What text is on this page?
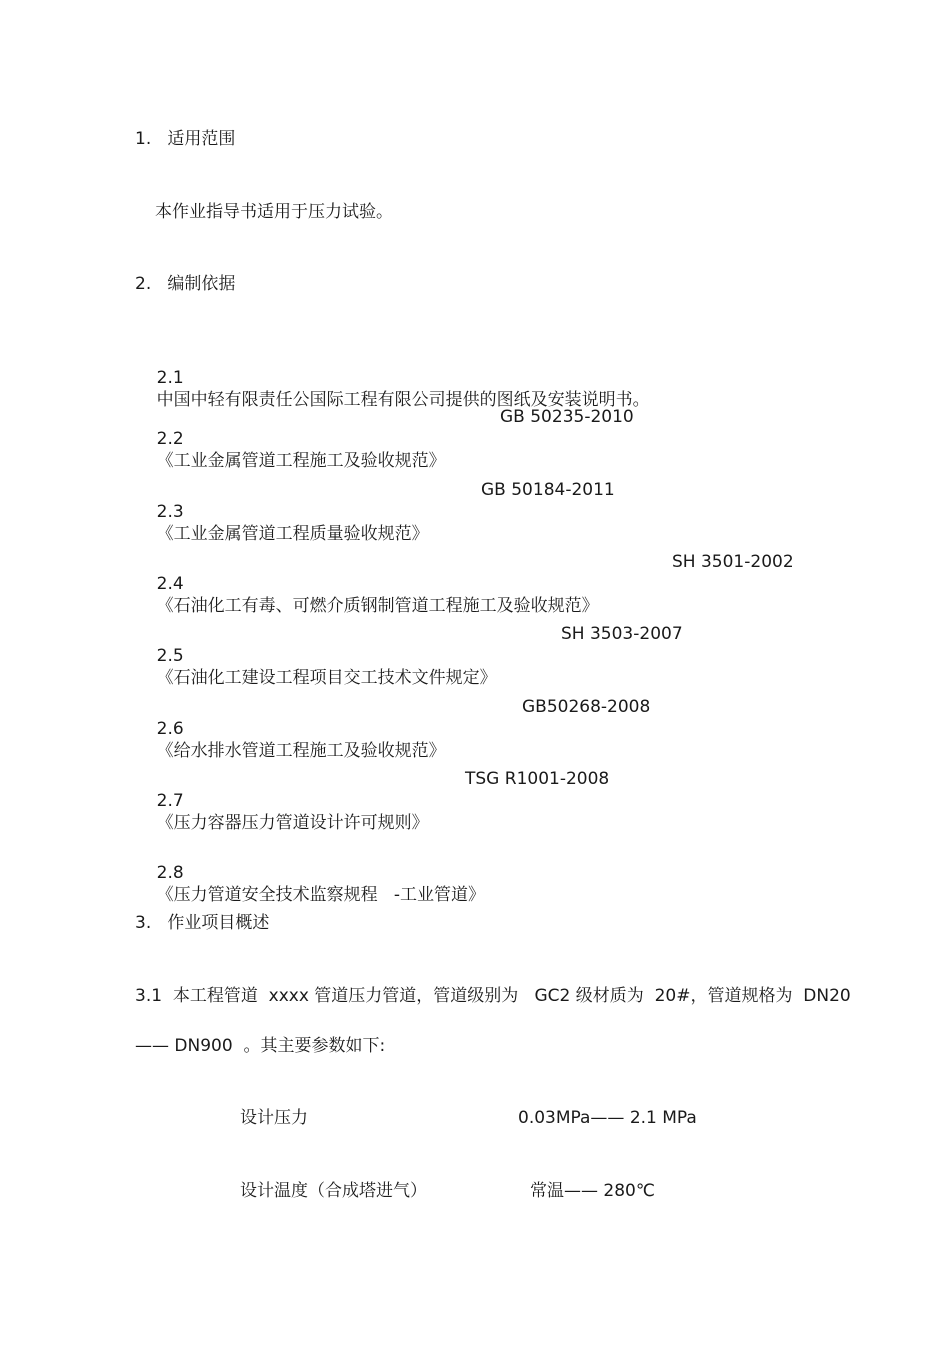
1.   适用范围
本作业指导书适用于压力试验。
2.   编制依据

2.1
中国中轻有限责任公国际工程有限公司提供的图纸及安装说明书。

2.2
《工业金属管道工程施工及验收规范》

GB 50235-2010

2.3
《工业金属管道工程质量验收规范》

GB 50184-2011

2.4
《石油化工有毒、可燃介质钢制管道工程施工及验收规范》

SH 3501-2002

2.5
《石油化工建设工程项目交工技术文件规定》

SH 3503-2007

2.6
《给水排水管道工程施工及验收规范》

GB50268-2008

2.7
《压力容器压力管道设计许可规则》

TSG R1001-2008

2.8
《压力管道安全技术监察规程   -工业管道》

3.   作业项目概述
3.1  本工程管道  xxxx 管道压力管道，管道级别为   GC2 级材质为  20#，管道规格为  DN20
—— DN900  。其主要参数如下:
设计压力	0.03MPa—— 2.1 MPa
设计温度（合成塔进气）	常温—— 280℃
